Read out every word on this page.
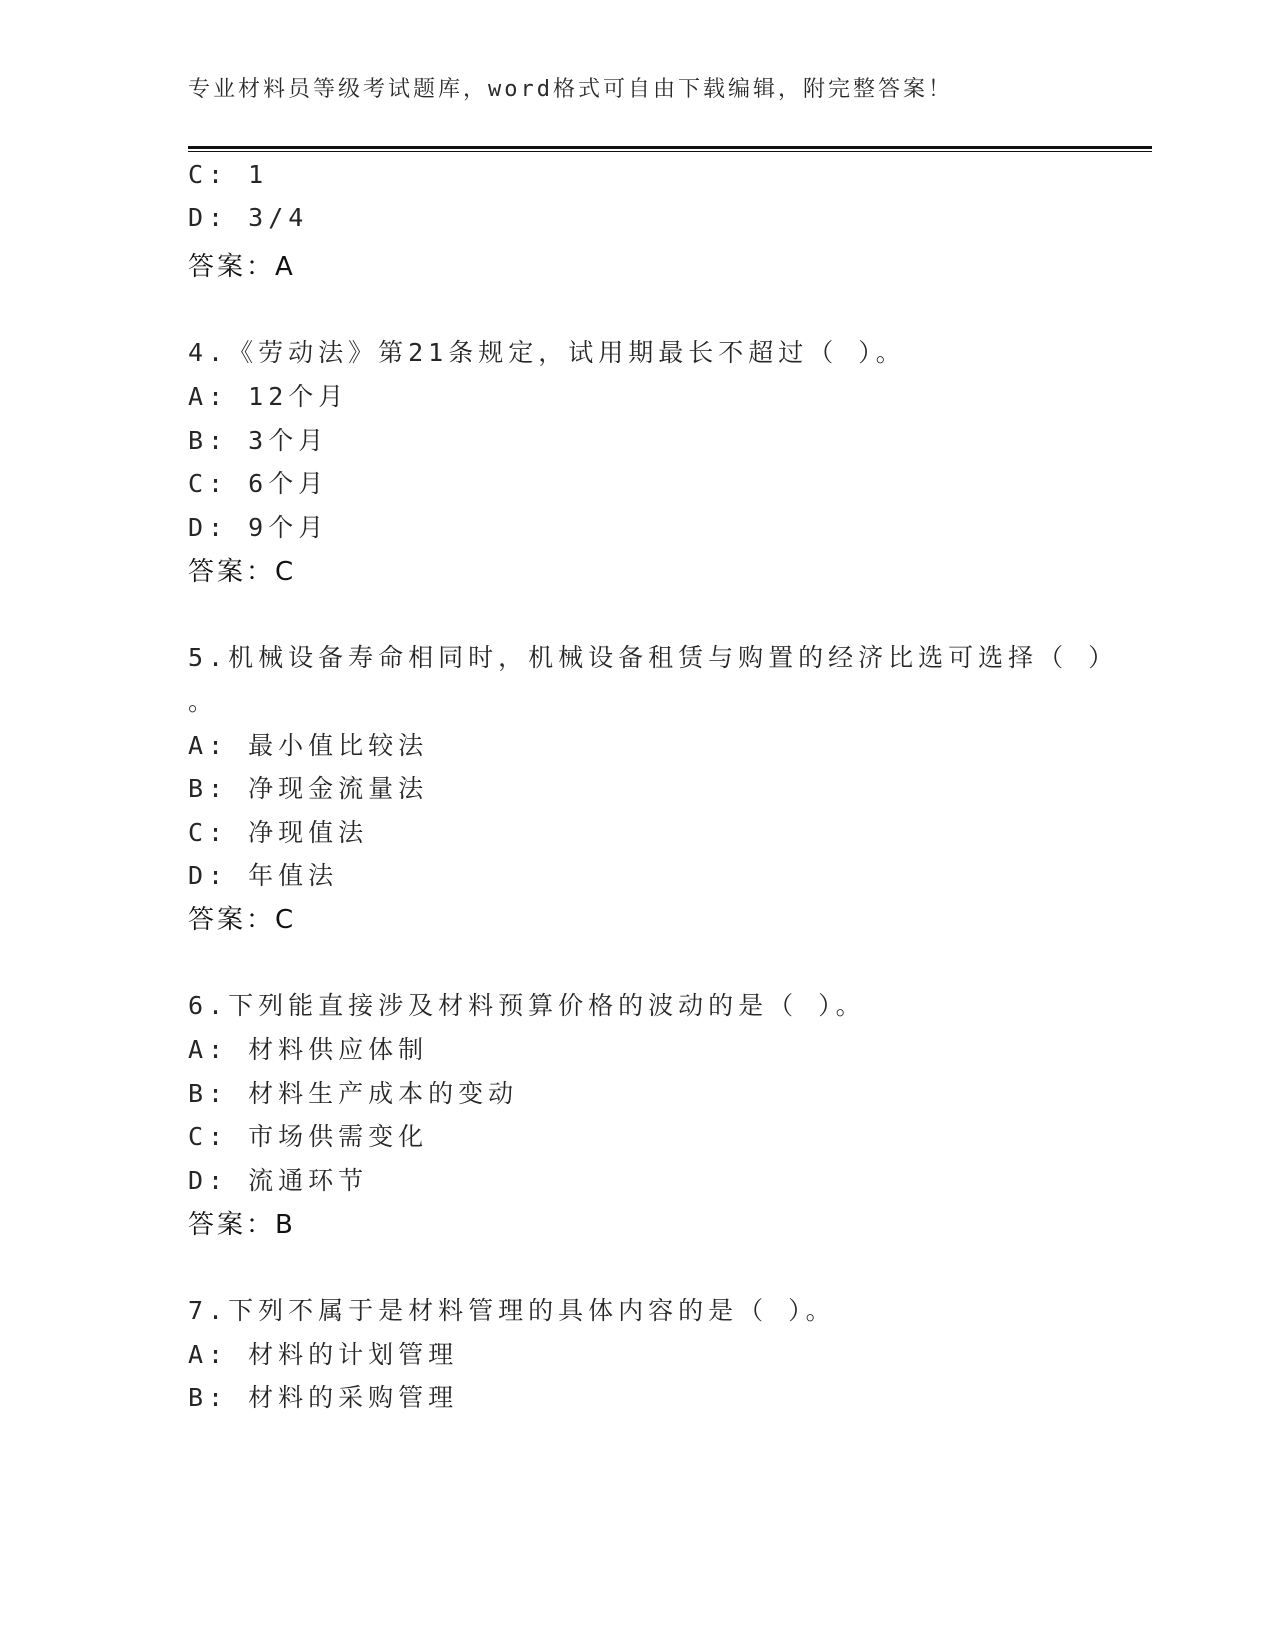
专业材料员等级考试题库，word格式可自由下载编辑，附完整答案！
C: 1
D: 3/4
答案：A
4.《劳动法》第21条规定，试用期最长不超过（ ）。
A: 12个月
B: 3个月
C: 6个月
D: 9个月
答案：C
5.机械设备寿命相同时，机械设备租赁与购置的经济比选可选择（ ）
。
A: 最小值比较法
B: 净现金流量法
C: 净现值法
D: 年值法
答案：C
6.下列能直接涉及材料预算价格的波动的是（ ）。
A: 材料供应体制
B: 材料生产成本的变动
C: 市场供需变化
D: 流通环节
答案：B
7.下列不属于是材料管理的具体内容的是（ ）。
A: 材料的计划管理
B: 材料的采购管理
